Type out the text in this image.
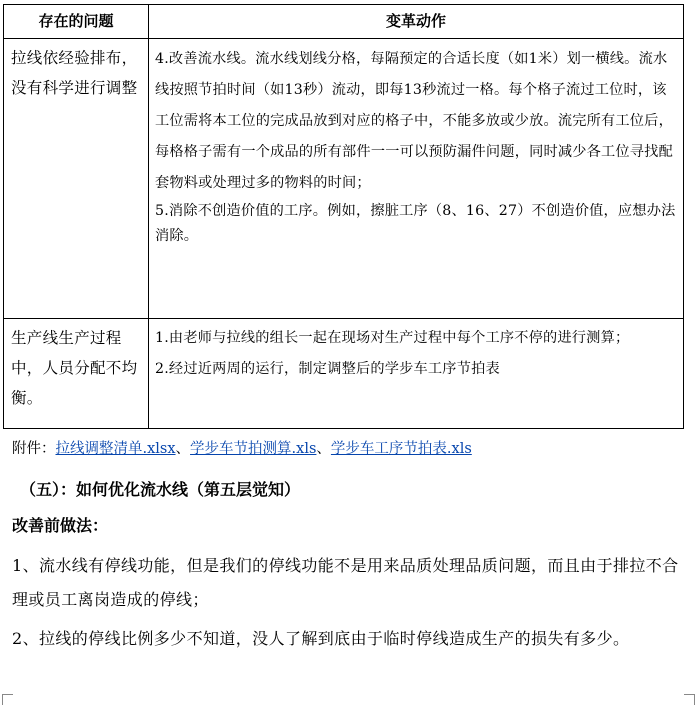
存在的问题	变革动作
拉线依经验排布，没有科学进行调整	4.改善流水线。流水线划线分格，每隔预定的合适长度（如1米）划一横线。流水线按照节拍时间（如13秒）流动，即每13秒流过一格。每个格子流过工位时，该工位需将本工位的完成品放到对应的格子中，不能多放或少放。流完所有工位后，每格格子需有一个成品的所有部件一一可以预防漏件问题，同时减少各工位寻找配套物料或处理过多的物料的时间；

5.消除不创造价值的工序。例如，擦脏工序（8、16、27）不创造价值，应想办法消除。

生产线生产过程中，人员分配不均衡。	1.由老师与拉线的组长一起在现场对生产过程中每个工序不停的进行测算；

2.经过近两周的运行，制定调整后的学步车工序节拍表

附件：拉线调整清单.xlsx、学步车节拍测算.xls、学步车工序节拍表.xls
（五）：如何优化流水线（第五层觉知）
改善前做法：
1、流水线有停线功能，但是我们的停线功能不是用来品质处理品质问题，而且由于排拉不合理或员工离岗造成的停线；
2、拉线的停线比例多少不知道，没人了解到底由于临时停线造成生产的损失有多少。
